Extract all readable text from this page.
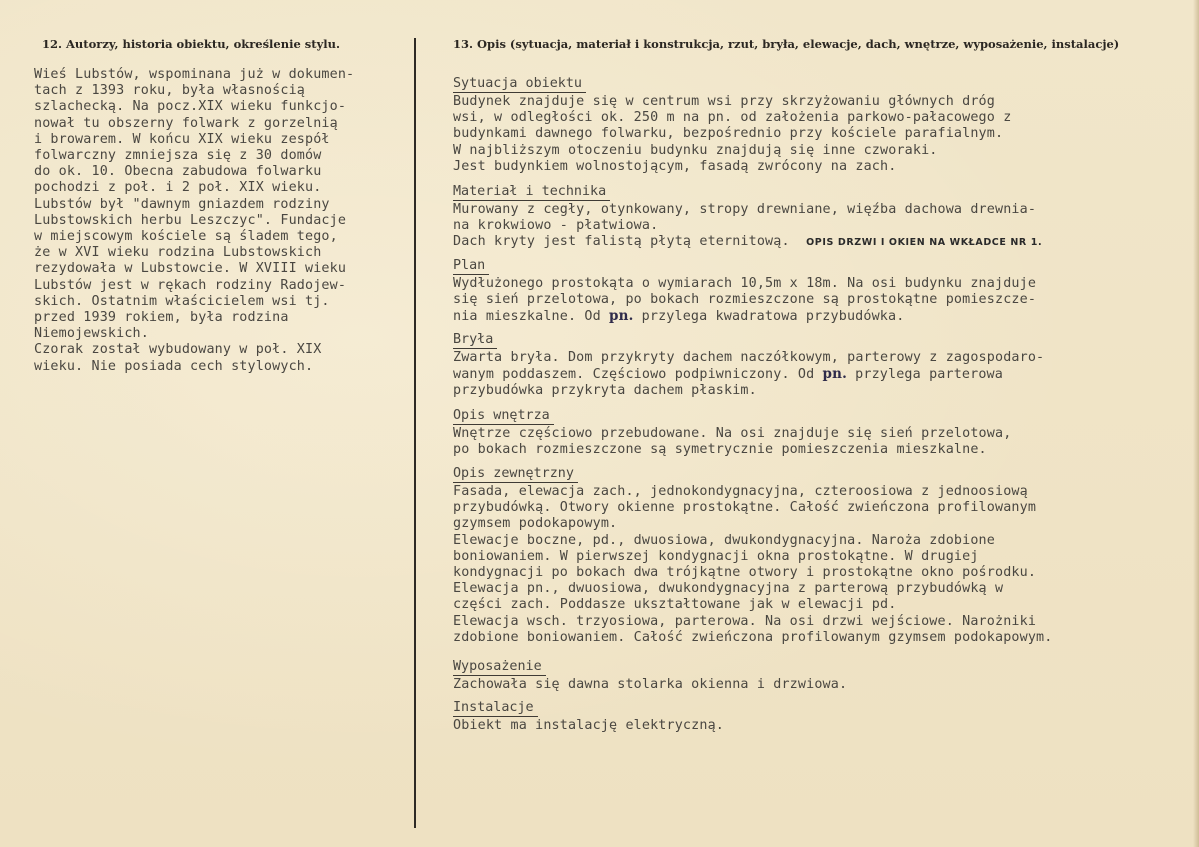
12. Autorzy, historia obiektu, określenie stylu.	13. Opis (sytuacja, materiał i konstrukcja, rzut, bryła, elewacje, dach, wnętrze, wyposażenie, instalacje)
Wieś Lubstów, wspominana już w dokumen-
tach z 1393 roku, była własnością
szlachecką. Na pocz.XIX wieku funkcjo-
nował tu obszerny folwark z gorzelnią
i browarem. W końcu XIX wieku zespół
folwarczny zmniejsza się z 30 domów
do ok. 10. Obecna zabudowa folwarku
pochodzi z poł. i 2 poł. XIX wieku.
Lubstów był "dawnym gniazdem rodziny
Lubstowskich herbu Leszczyc". Fundacje
w miejscowym kościele są śladem tego,
że w XVI wieku rodzina Lubstowskich
rezydowała w Lubstowcie. W XVIII wieku
Lubstów jest w rękach rodziny Radojew-
skich. Ostatnim właścicielem wsi tj.
przed 1939 rokiem, była rodzina
Niemojewskich.
Czorak został wybudowany w poł. XIX
wieku. Nie posiada cech stylowych.
Sytuacja obiektu
Budynek znajduje się w centrum wsi przy skrzyżowaniu głównych dróg
wsi, w odległości ok. 250 m na pn. od założenia parkowo-pałacowego z
budynkami dawnego folwarku, bezpośrednio przy kościele parafialnym.
W najbliższym otoczeniu budynku znajdują się inne czworaki.
Jest budynkiem wolnostojącym, fasadą zwrócony na zach.
Materiał i technika
Murowany z cegły, otynkowany, stropy drewniane, więźba dachowa drewnia-
na krokwiowo - płatwiowa.
Dach kryty jest falistą płytą eternitową. OPIS DRZWI I OKIEN NA WKŁADCE NR 1.
Plan
Wydłużonego prostokąta o wymiarach 10,5m x 18m. Na osi budynku znajduje
się sień przelotowa, po bokach rozmieszczone są prostokątne pomieszcze-
nia mieszkalne. Od pn. przylega kwadratowa przybudówka.
Bryła
Zwarta bryła. Dom przykryty dachem naczółkowym, parterowy z zagospodaro-
wanym poddaszem. Częściowo podpiwniczony. Od pn. przylega parterowa
przybudówka przykryta dachem płaskim.
Opis wnętrza
Wnętrze częściowo przebudowane. Na osi znajduje się sień przelotowa,
po bokach rozmieszczone są symetrycznie pomieszczenia mieszkalne.
Opis zewnętrzny
Fasada, elewacja zach., jednokondygnacyjna, czteroosiowa z jednoosiową
przybudówką. Otwory okienne prostokątne. Całość zwieńczona profilowanym
gzymsem podokapowym.
Elewacje boczne, pd., dwuosiowa, dwukondygnacyjna. Naroża zdobione
boniowaniem. W pierwszej kondygnacji okna prostokątne. W drugiej
kondygnacji po bokach dwa trójkątne otwory i prostokątne okno pośrodku.
Elewacja pn., dwuosiowa, dwukondygnacyjna z parterową przybudówką w
części zach. Poddasze ukształtowane jak w elewacji pd.
Elewacja wsch. trzyosiowa, parterowa. Na osi drzwi wejściowe. Narożniki
zdobione boniowaniem. Całość zwieńczona profilowanym gzymsem podokapowym.
Wyposażenie
Zachowała się dawna stolarka okienna i drzwiowa.
Instalacje
Obiekt ma instalację elektryczną.
